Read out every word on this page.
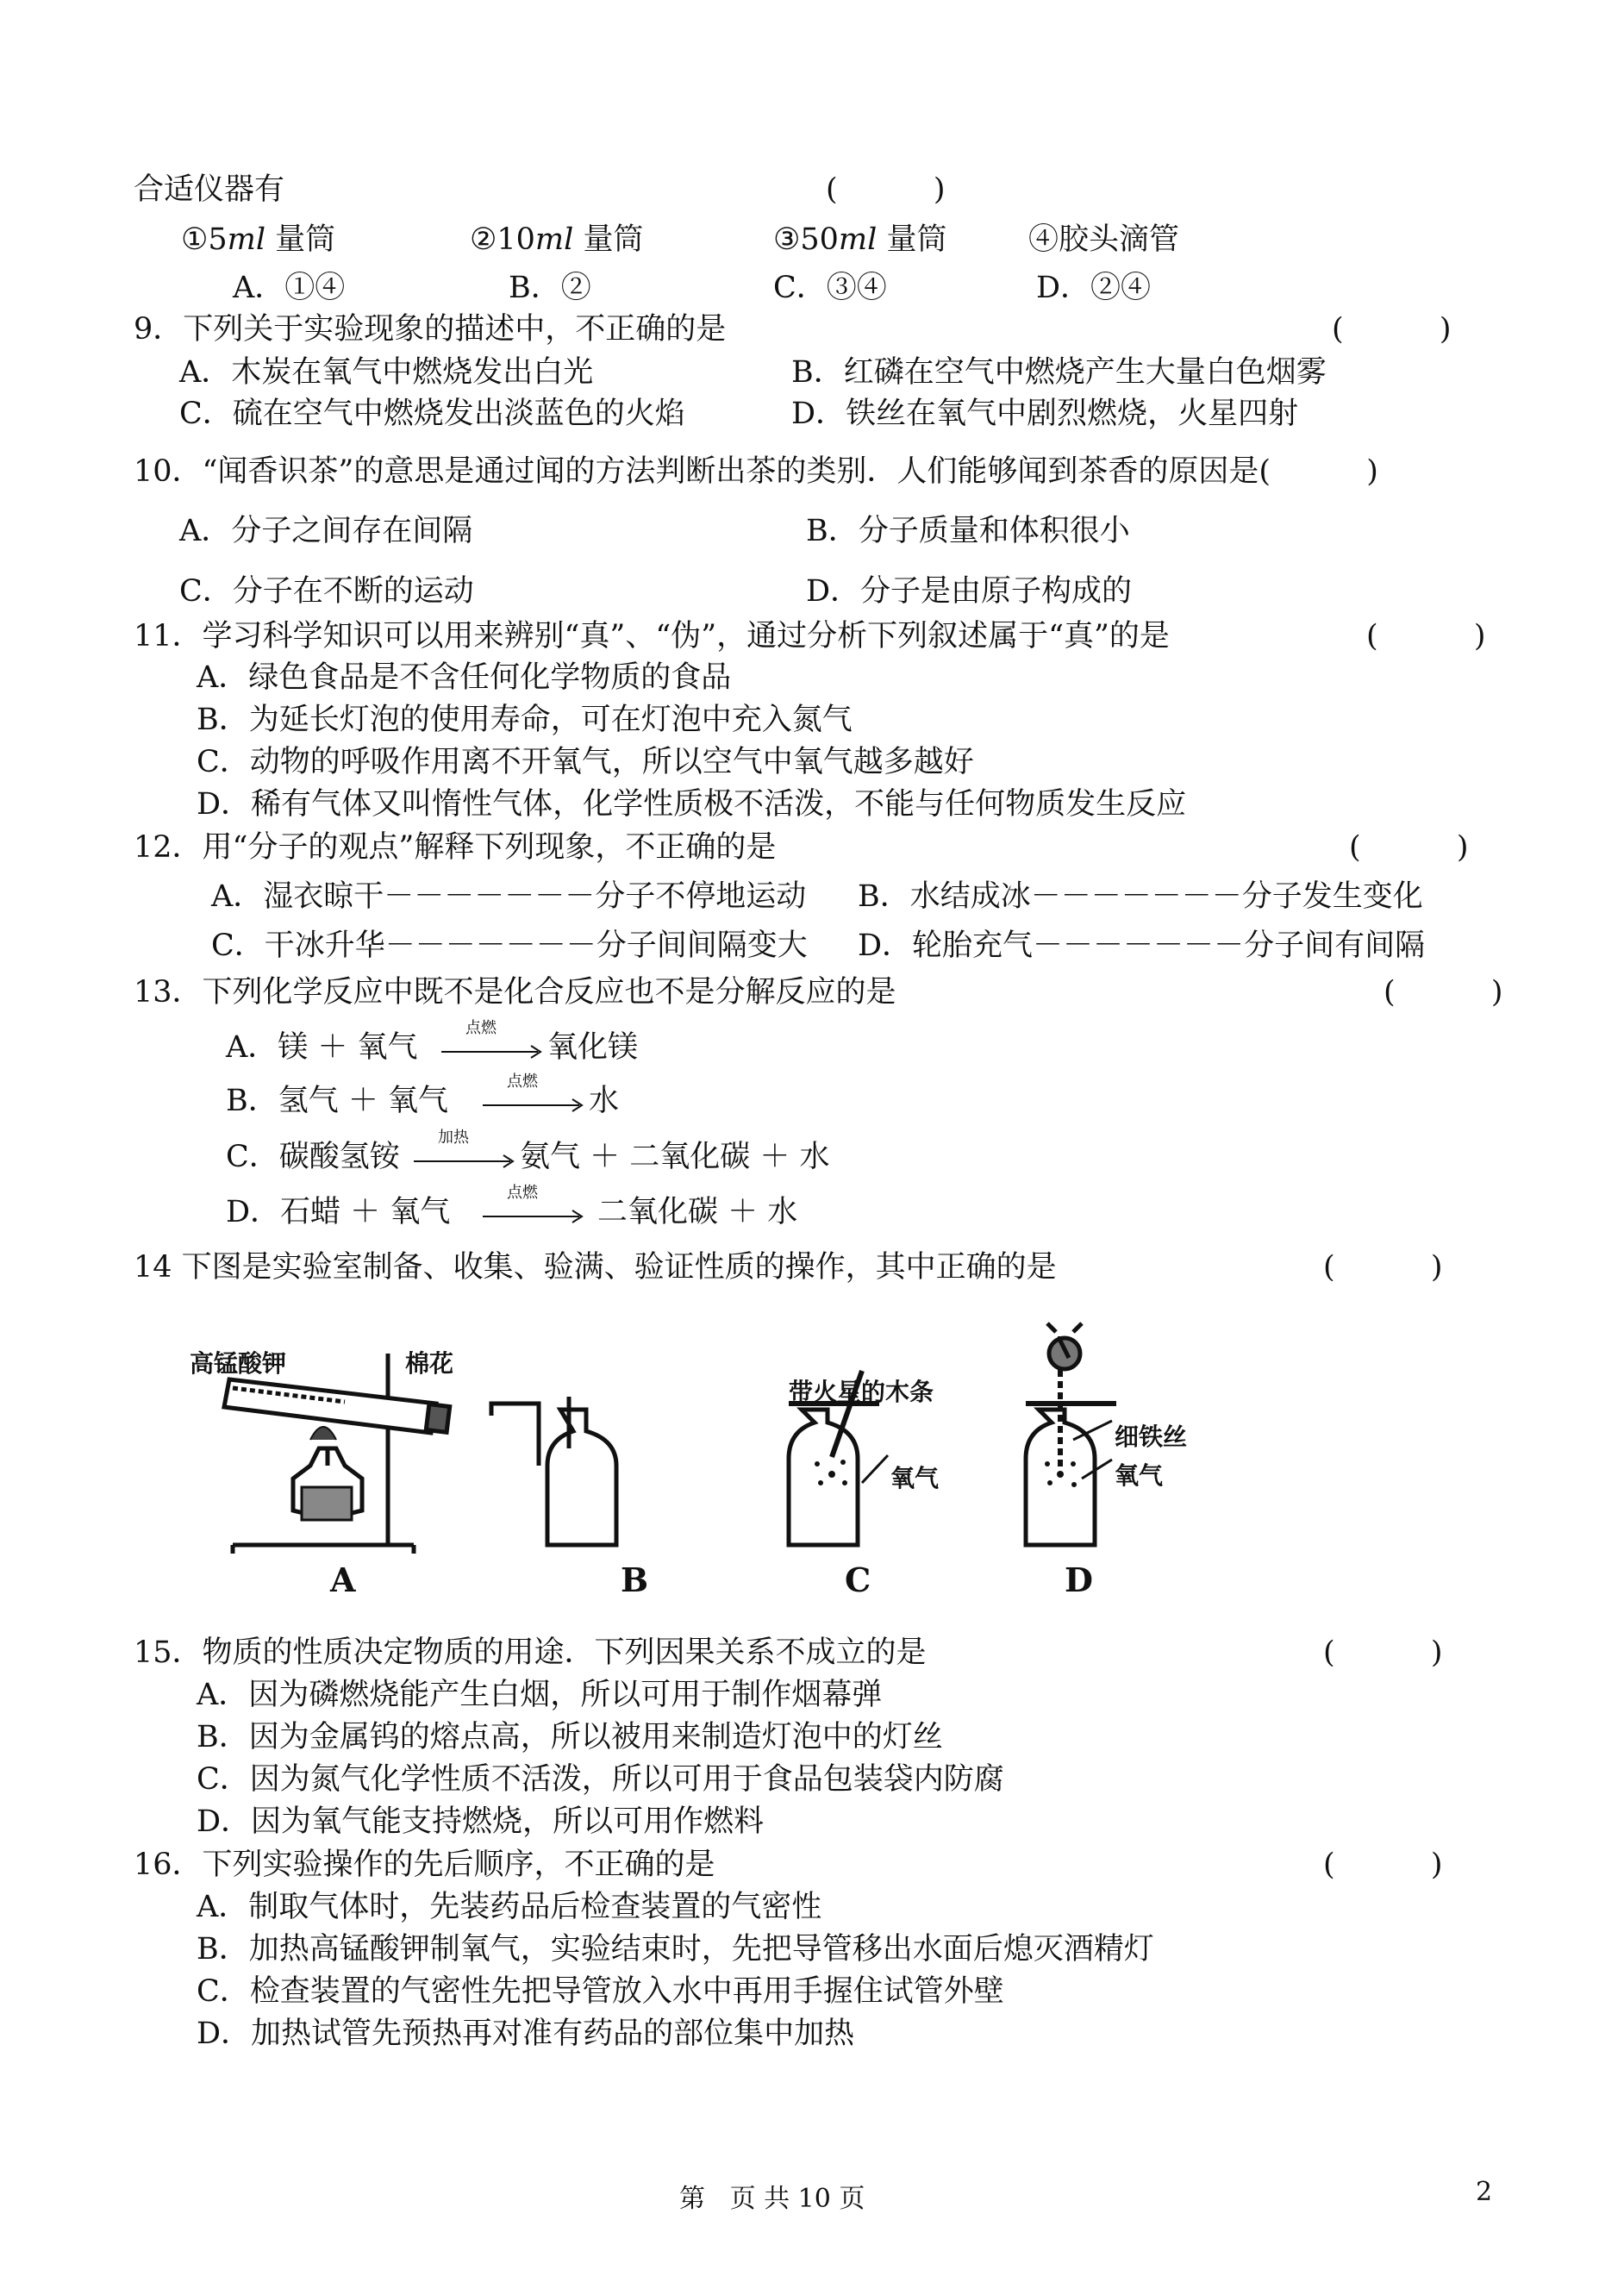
合适仪器有	(          )
①5ml 量筒	②10ml 量筒	③50ml 量筒	④胶头滴管
A．①④	B．②	C．③④	D．②④
9．下列关于实验现象的描述中，不正确的是	(          )
A．木炭在氧气中燃烧发出白光	B．红磷在空气中燃烧产生大量白色烟雾
C．硫在空气中燃烧发出淡蓝色的火焰	D．铁丝在氧气中剧烈燃烧，火星四射
10．“闻香识茶”的意思是通过闻的方法判断出茶的类别．人们能够闻到茶香的原因是(          )
A．分子之间存在间隔	B．分子质量和体积很小
C．分子在不断的运动	D．分子是由原子构成的
11．学习科学知识可以用来辨别“真”、“伪”，通过分析下列叙述属于“真”的是	(          )
A．绿色食品是不含任何化学物质的食品
B．为延长灯泡的使用寿命，可在灯泡中充入氮气
C．动物的呼吸作用离不开氧气，所以空气中氧气越多越好
D．稀有气体又叫惰性气体，化学性质极不活泼，不能与任何物质发生反应
12．用“分子的观点”解释下列现象，不正确的是	(          )
A．湿衣晾干－－－－－－－分子不停地运动 B．水结成冰－－－－－－－分子发生变化
C．干冰升华－－－－－－－分子间间隔变大 D．轮胎充气－－－－－－－分子间有间隔
13．下列化学反应中既不是化合反应也不是分解反应的是	(          )
A．镁 ＋ 氧气
点燃
氧化镁
B．氢气 ＋ 氧气
点燃
水
C．碳酸氢铵
加热
氨气 ＋ 二氧化碳 ＋ 水
D．石蜡 ＋ 氧气
点燃
二氧化碳 ＋ 水
14 下图是实验室制备、收集、验满、验证性质的操作，其中正确的是	(          )
高锰酸钾	棉花
带火星的木条
氧气
细铁丝
氧气
A	B	C	D
15．物质的性质决定物质的用途．下列因果关系不成立的是	(          )
A．因为磷燃烧能产生白烟，所以可用于制作烟幕弹
B．因为金属钨的熔点高，所以被用来制造灯泡中的灯丝
C．因为氮气化学性质不活泼，所以可用于食品包装袋内防腐
D．因为氧气能支持燃烧，所以可用作燃料
16．下列实验操作的先后顺序，不正确的是	(          )
A．制取气体时，先装药品后检查装置的气密性
B．加热高锰酸钾制氧气，实验结束时，先把导管移出水面后熄灭酒精灯
C．检查装置的气密性先把导管放入水中再用手握住试管外壁
D．加热试管先预热再对准有药品的部位集中加热
第   页 共 10 页	2
